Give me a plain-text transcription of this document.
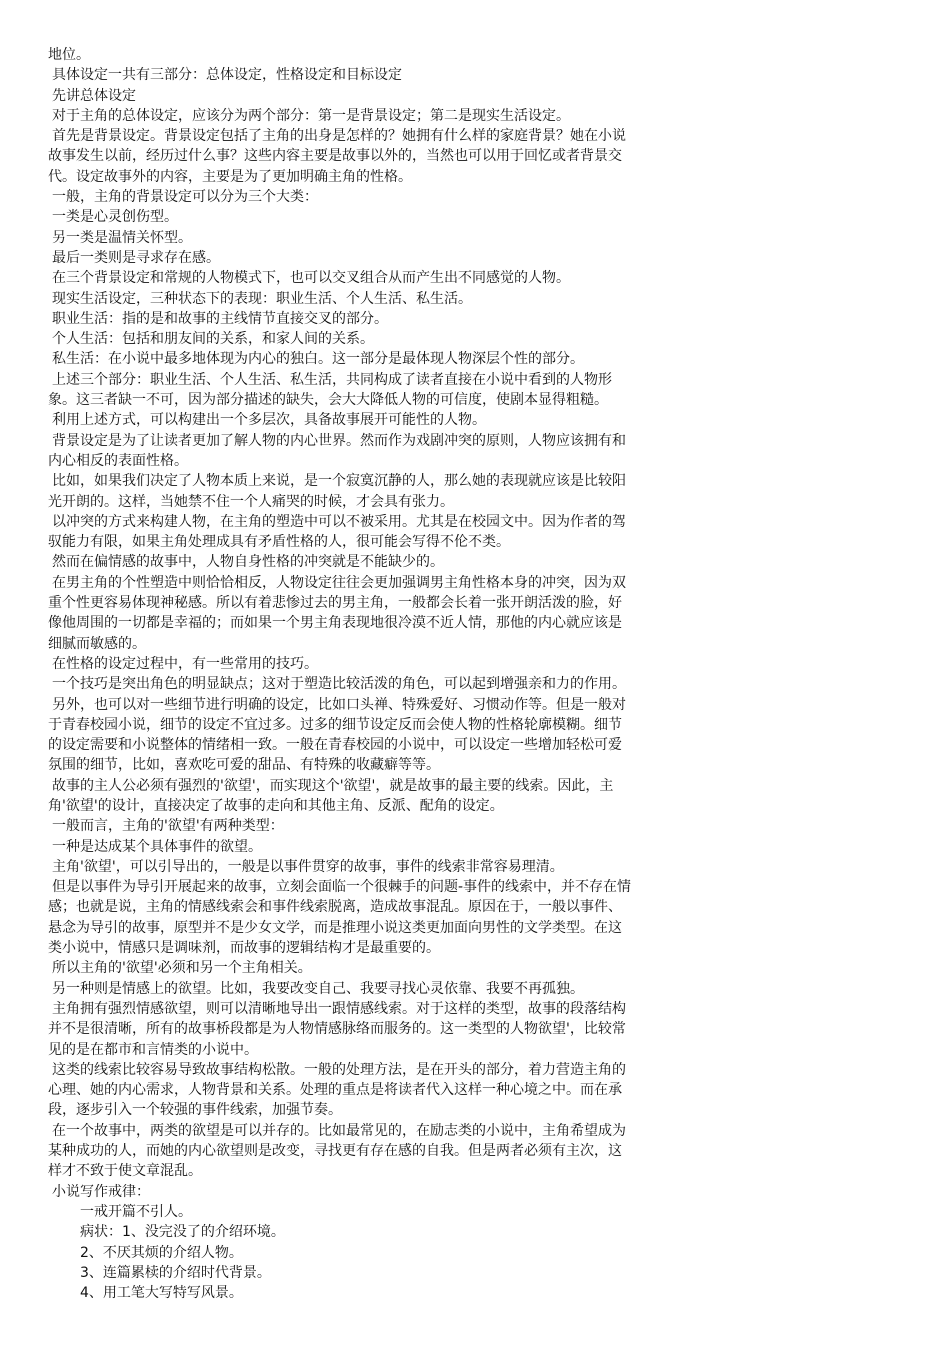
地位。
具体设定一共有三部分：总体设定，性格设定和目标设定
先讲总体设定
对于主角的总体设定，应该分为两个部分：第一是背景设定；第二是现实生活设定。
首先是背景设定。背景设定包括了主角的出身是怎样的？她拥有什么样的家庭背景？她在小说
故事发生以前，经历过什么事？这些内容主要是故事以外的，当然也可以用于回忆或者背景交
代。设定故事外的内容，主要是为了更加明确主角的性格。
一般，主角的背景设定可以分为三个大类：
一类是心灵创伤型。
另一类是温情关怀型。
最后一类则是寻求存在感。
在三个背景设定和常规的人物模式下，也可以交叉组合从而产生出不同感觉的人物。
现实生活设定，三种状态下的表现：职业生活、个人生活、私生活。
职业生活：指的是和故事的主线情节直接交叉的部分。
个人生活：包括和朋友间的关系，和家人间的关系。
私生活：在小说中最多地体现为内心的独白。这一部分是最体现人物深层个性的部分。
上述三个部分：职业生活、个人生活、私生活，共同构成了读者直接在小说中看到的人物形
象。这三者缺一不可，因为部分描述的缺失，会大大降低人物的可信度，使剧本显得粗糙。
利用上述方式，可以构建出一个多层次，具备故事展开可能性的人物。
背景设定是为了让读者更加了解人物的内心世界。然而作为戏剧冲突的原则，人物应该拥有和
内心相反的表面性格。
比如，如果我们决定了人物本质上来说，是一个寂寞沉静的人，那么她的表现就应该是比较阳
光开朗的。这样，当她禁不住一个人痛哭的时候，才会具有张力。
以冲突的方式来构建人物，在主角的塑造中可以不被采用。尤其是在校园文中。因为作者的驾
驭能力有限，如果主角处理成具有矛盾性格的人，很可能会写得不伦不类。
然而在偏情感的故事中，人物自身性格的冲突就是不能缺少的。
在男主角的个性塑造中则恰恰相反，人物设定往往会更加强调男主角性格本身的冲突，因为双
重个性更容易体现神秘感。所以有着悲惨过去的男主角，一般都会长着一张开朗活泼的脸，好
像他周围的一切都是幸福的；而如果一个男主角表现地很冷漠不近人情，那他的内心就应该是
细腻而敏感的。
在性格的设定过程中，有一些常用的技巧。
一个技巧是突出角色的明显缺点；这对于塑造比较活泼的角色，可以起到增强亲和力的作用。
另外，也可以对一些细节进行明确的设定，比如口头禅、特殊爱好、习惯动作等。但是一般对
于青春校园小说，细节的设定不宜过多。过多的细节设定反而会使人物的性格轮廓模糊。细节
的设定需要和小说整体的情绪相一致。一般在青春校园的小说中，可以设定一些增加轻松可爱
氛围的细节，比如，喜欢吃可爱的甜品、有特殊的收藏癖等等。
故事的主人公必须有强烈的'欲望'，而实现这个'欲望'，就是故事的最主要的线索。因此，主
角'欲望'的设计，直接决定了故事的走向和其他主角、反派、配角的设定。
一般而言，主角的'欲望'有两种类型：
一种是达成某个具体事件的欲望。
主角'欲望'，可以引导出的，一般是以事件贯穿的故事，事件的线索非常容易理清。
但是以事件为导引开展起来的故事，立刻会面临一个很棘手的问题-事件的线索中，并不存在情
感；也就是说，主角的情感线索会和事件线索脱离，造成故事混乱。原因在于，一般以事件、
悬念为导引的故事，原型并不是少女文学，而是推理小说这类更加面向男性的文学类型。在这
类小说中，情感只是调味剂，而故事的逻辑结构才是最重要的。
所以主角的'欲望'必须和另一个主角相关。
另一种则是情感上的欲望。比如，我要改变自己、我要寻找心灵依靠、我要不再孤独。
主角拥有强烈情感欲望，则可以清晰地导出一跟情感线索。对于这样的类型，故事的段落结构
并不是很清晰，所有的故事桥段都是为人物情感脉络而服务的。这一类型的人物欲望'，比较常
见的是在都市和言情类的小说中。
这类的线索比较容易导致故事结构松散。一般的处理方法，是在开头的部分，着力营造主角的
心理、她的内心需求，人物背景和关系。处理的重点是将读者代入这样一种心境之中。而在承
段，逐步引入一个较强的事件线索，加强节奏。
在一个故事中，两类的欲望是可以并存的。比如最常见的，在励志类的小说中，主角希望成为
某种成功的人，而她的内心欲望则是改变，寻找更有存在感的自我。但是两者必须有主次，这
样才不致于使文章混乱。
小说写作戒律：
一戒开篇不引人。
病状：1、没完没了的介绍环境。
2、不厌其烦的介绍人物。
3、连篇累椟的介绍时代背景。
4、用工笔大写特写风景。
